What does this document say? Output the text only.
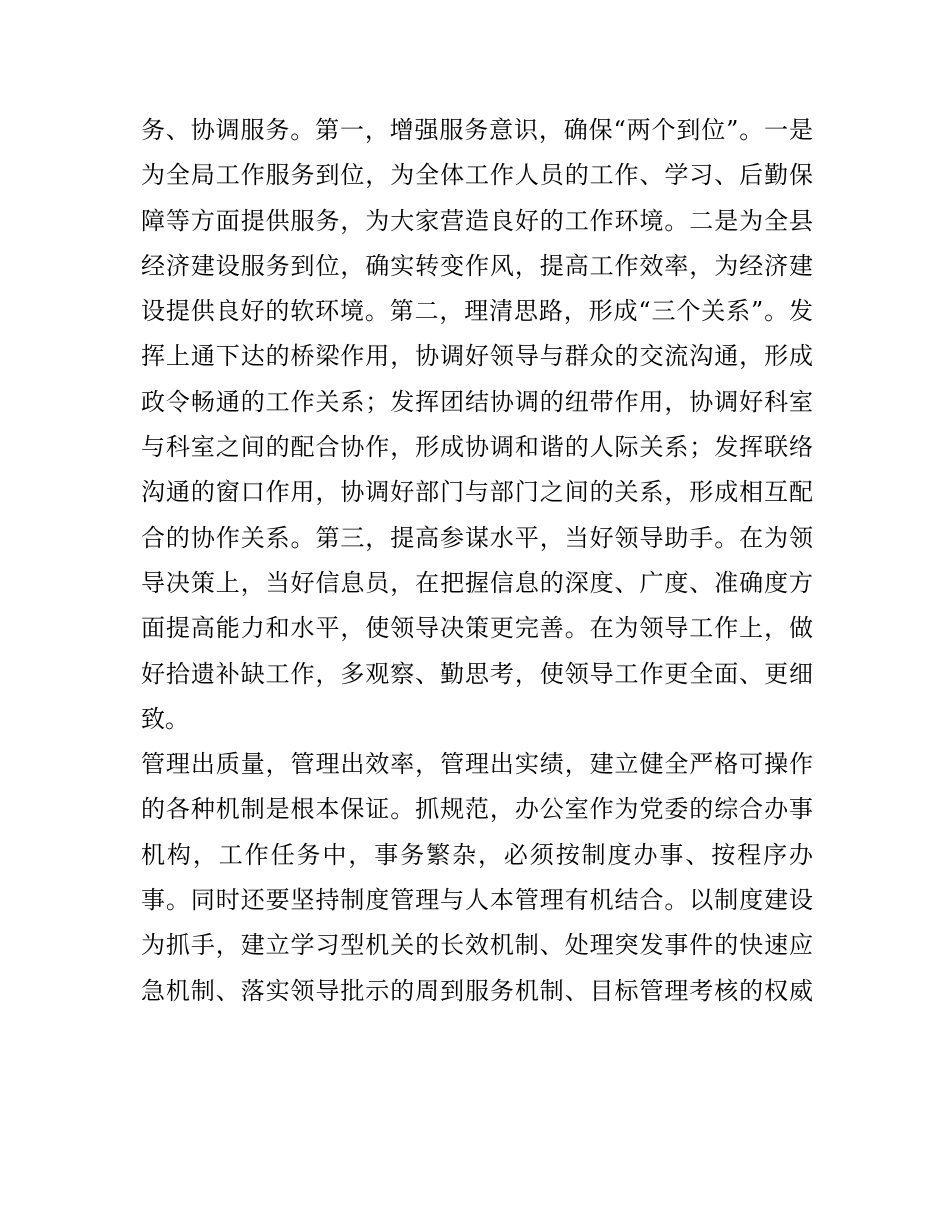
务、协调服务。第一，增强服务意识，确保“两个到位”。一是
为全局工作服务到位，为全体工作人员的工作、学习、后勤保
障等方面提供服务，为大家营造良好的工作环境。二是为全县
经济建设服务到位，确实转变作风，提高工作效率，为经济建
设提供良好的软环境。第二，理清思路，形成“三个关系”。发
挥上通下达的桥梁作用，协调好领导与群众的交流沟通，形成
政令畅通的工作关系；发挥团结协调的纽带作用，协调好科室
与科室之间的配合协作，形成协调和谐的人际关系；发挥联络
沟通的窗口作用，协调好部门与部门之间的关系，形成相互配
合的协作关系。第三，提高参谋水平，当好领导助手。在为领
导决策上，当好信息员，在把握信息的深度、广度、准确度方
面提高能力和水平，使领导决策更完善。在为领导工作上，做
好拾遗补缺工作，多观察、勤思考，使领导工作更全面、更细
致。
管理出质量，管理出效率，管理出实绩，建立健全严格可操作
的各种机制是根本保证。抓规范，办公室作为党委的综合办事
机构，工作任务中，事务繁杂，必须按制度办事、按程序办
事。同时还要坚持制度管理与人本管理有机结合。以制度建设
为抓手，建立学习型机关的长效机制、处理突发事件的快速应
急机制、落实领导批示的周到服务机制、目标管理考核的权威
